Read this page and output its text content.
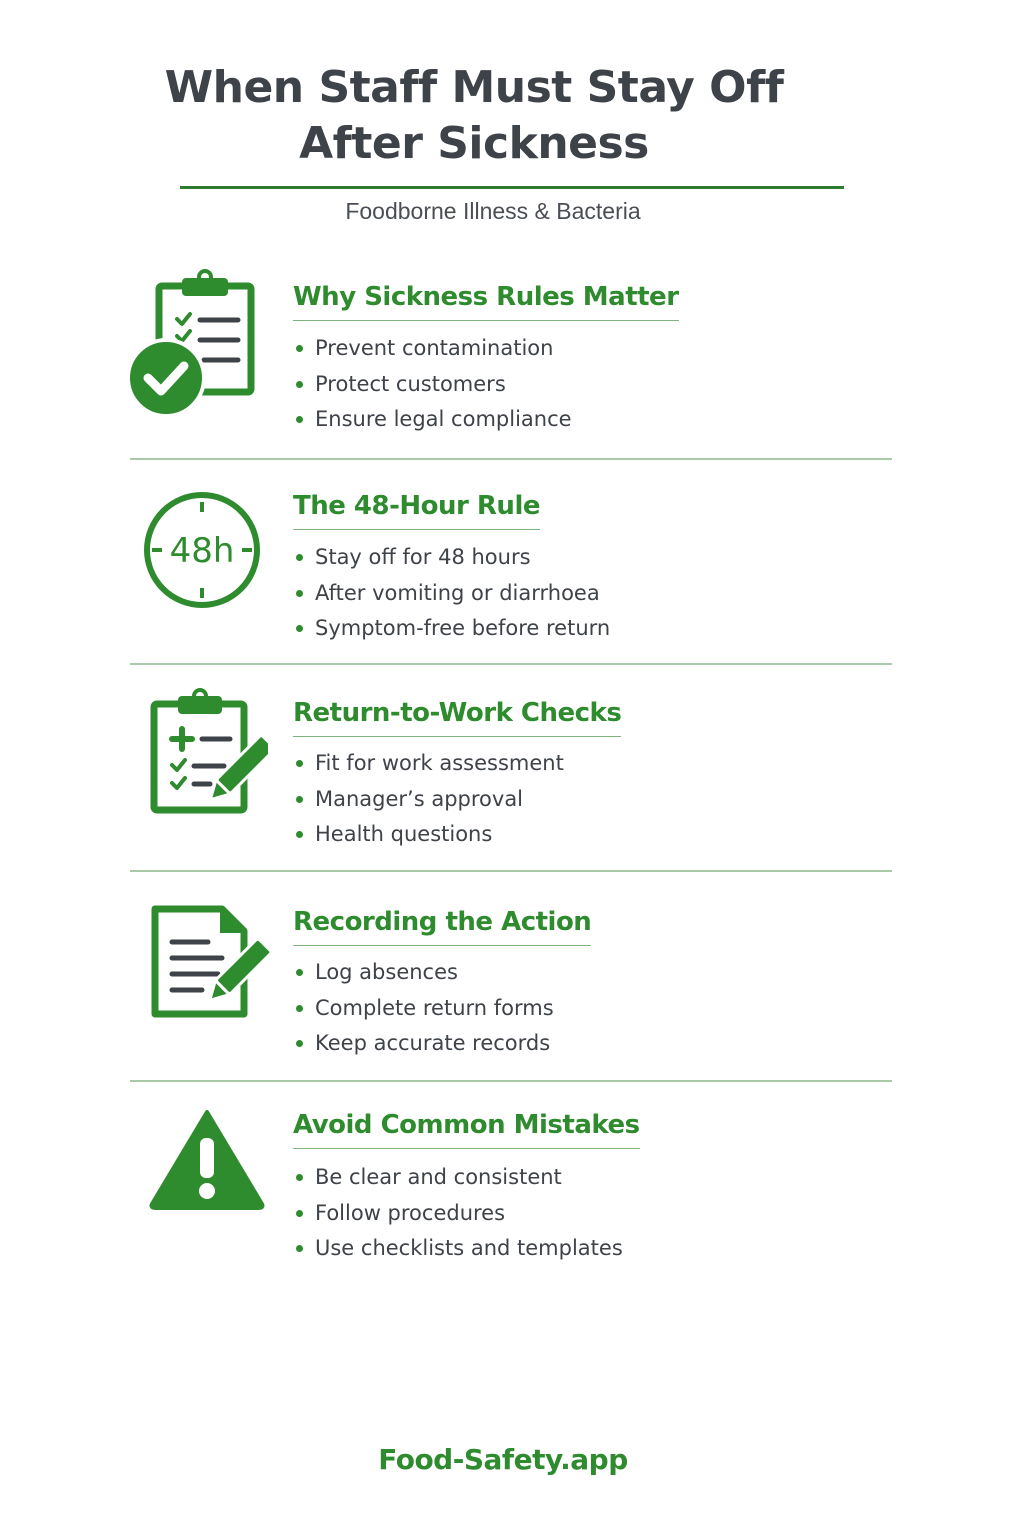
When Staff Must Stay Off
After Sickness
Foodborne Illness & Bacteria
Why Sickness Rules Matter
Prevent contamination
Protect customers
Ensure legal compliance
48h
The 48-Hour Rule
Stay off for 48 hours
After vomiting or diarrhoea
Symptom-free before return
Return-to-Work Checks
Fit for work assessment
Manager’s approval
Health questions
Recording the Action
Log absences
Complete return forms
Keep accurate records
Avoid Common Mistakes
Be clear and consistent
Follow procedures
Use checklists and templates
Food-Safety.app
